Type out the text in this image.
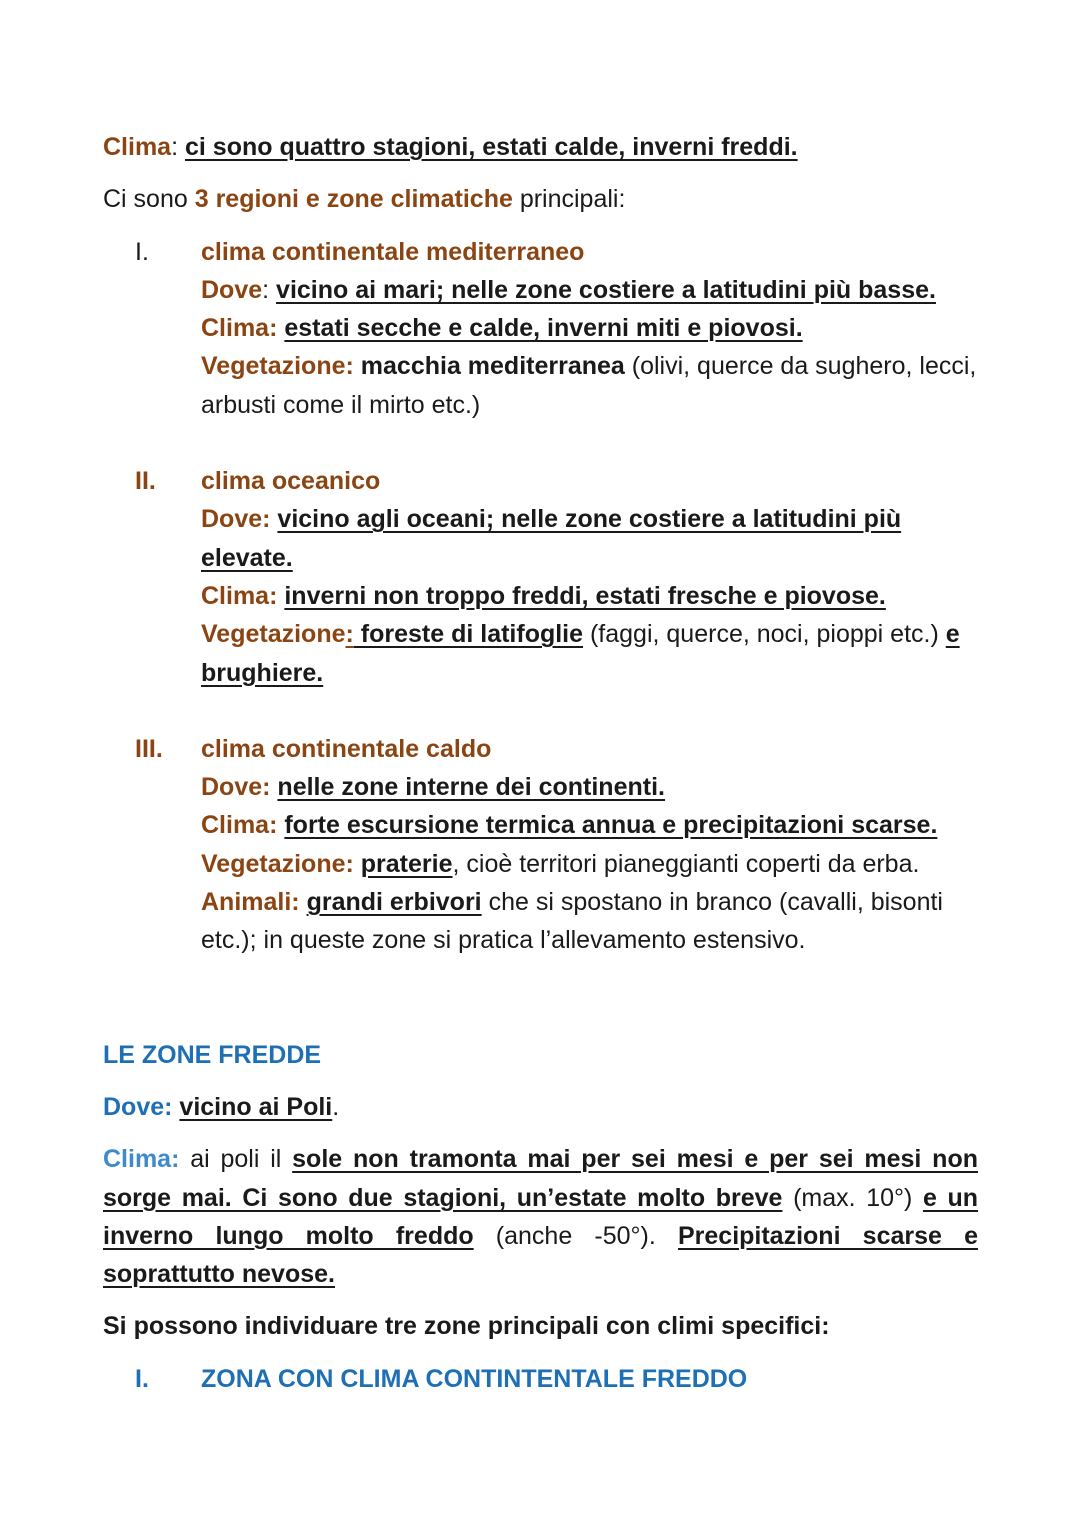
Clima: ci sono quattro stagioni, estati calde, inverni freddi.

Ci sono 3 regioni e zone climatiche principali:

I. clima continentale mediterraneo

Dove: vicino ai mari; nelle zone costiere a latitudini più basse.

Clima: estati secche e calde, inverni miti e piovosi.

Vegetazione: macchia mediterranea (olivi, querce da sughero, lecci, arbusti come il mirto etc.)

II. clima oceanico

Dove: vicino agli oceani; nelle zone costiere a latitudini più elevate.

Clima: inverni non troppo freddi, estati fresche e piovose.

Vegetazione: foreste di latifoglie (faggi, querce, noci, pioppi etc.) e brughiere.

III. clima continentale caldo

Dove: nelle zone interne dei continenti.

Clima: forte escursione termica annua e precipitazioni scarse.

Vegetazione: praterie, cioè territori pianeggianti coperti da erba.

Animali: grandi erbivori che si spostano in branco (cavalli, bisonti etc.); in queste zone si pratica l’allevamento estensivo.

LE ZONE FREDDE

Dove: vicino ai Poli.

Clima: ai poli il sole non tramonta mai per sei mesi e per sei mesi non sorge mai. Ci sono due stagioni, un’estate molto breve (max. 10°) e un inverno lungo molto freddo (anche -50°). Precipitazioni scarse e soprattutto nevose.

Si possono individuare tre zone principali con climi specifici:

I. ZONA CON CLIMA CONTINTENTALE FREDDO
